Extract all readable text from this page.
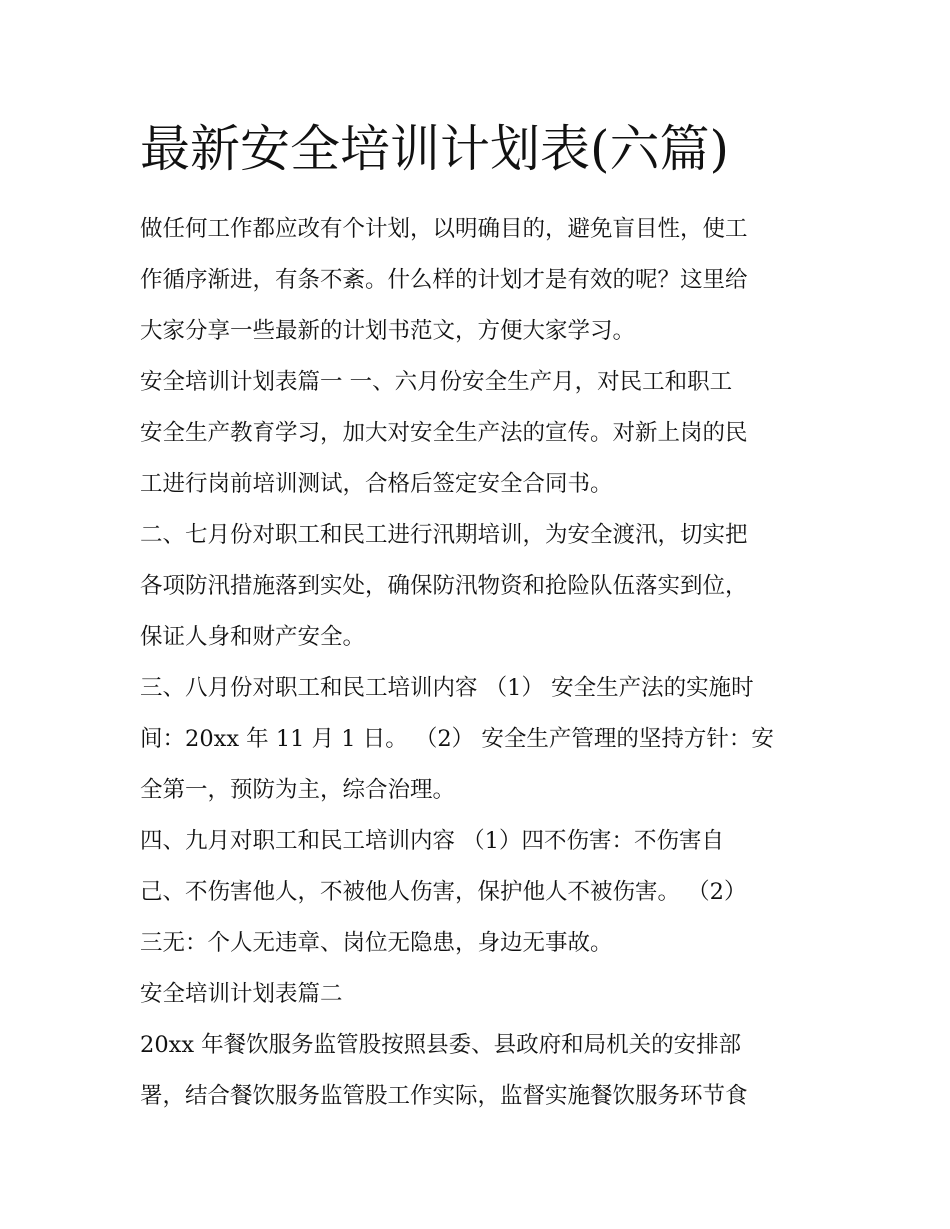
最新安全培训计划表(六篇)

做任何工作都应改有个计划，以明确目的，避免盲目性，使工
作循序渐进，有条不紊。什么样的计划才是有效的呢？这里给
大家分享一些最新的计划书范文，方便大家学习。

安全培训计划表篇一 一、六月份安全生产月，对民工和职工
安全生产教育学习，加大对安全生产法的宣传。对新上岗的民
工进行岗前培训测试，合格后签定安全合同书。

二、七月份对职工和民工进行汛期培训，为安全渡汛，切实把
各项防汛措施落到实处，确保防汛物资和抢险队伍落实到位，
保证人身和财产安全。

三、八月份对职工和民工培训内容 （1） 安全生产法的实施时
间：20xx 年 11 月 1 日。 （2） 安全生产管理的坚持方针：安
全第一，预防为主，综合治理。

四、九月对职工和民工培训内容 （1）四不伤害：不伤害自
己、不伤害他人，不被他人伤害，保护他人不被伤害。 （2）
三无：个人无违章、岗位无隐患，身边无事故。

安全培训计划表篇二

20xx 年餐饮服务监管股按照县委、县政府和局机关的安排部
署，结合餐饮服务监管股工作实际，监督实施餐饮服务环节食
